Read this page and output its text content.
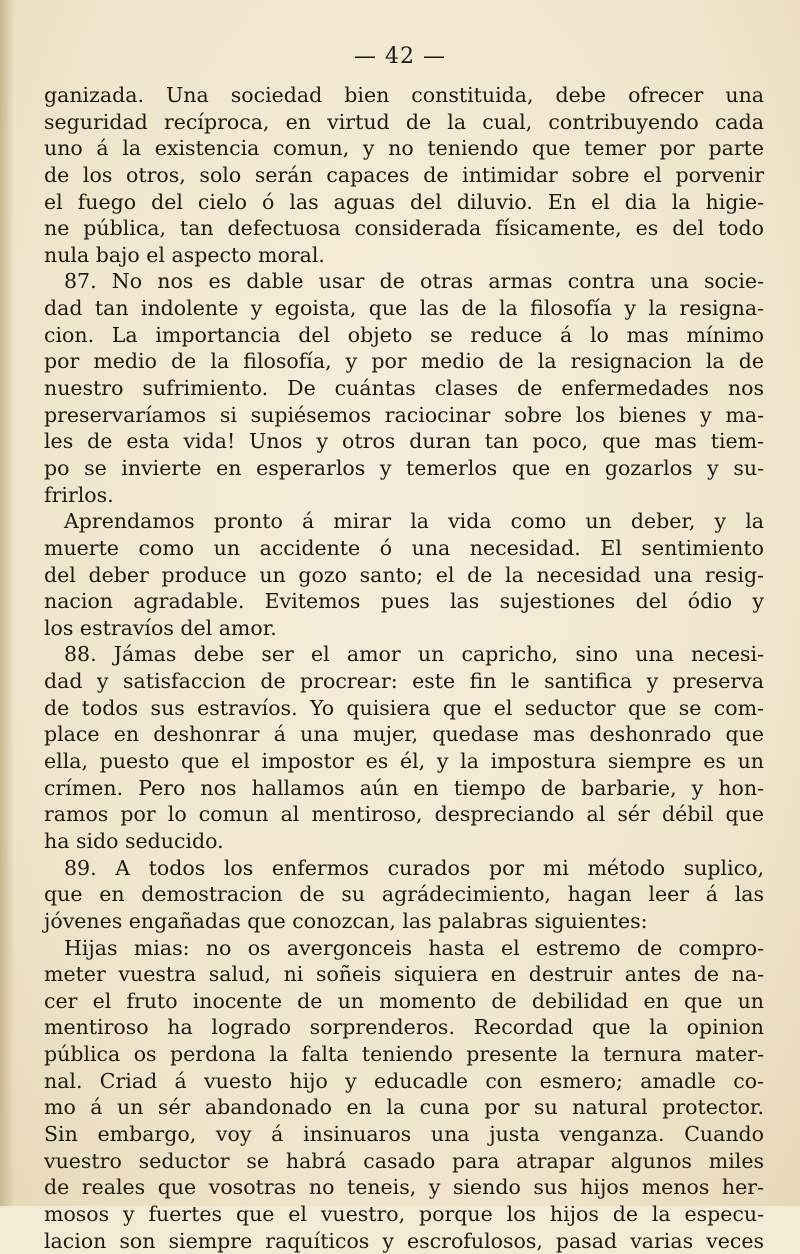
— 42 —
ganizada. Una sociedad bien constituida, debe ofrecer una
seguridad recíproca, en virtud de la cual, contribuyendo cada
uno á la existencia comun, y no teniendo que temer por parte
de los otros, solo serán capaces de intimidar sobre el porvenir
el fuego del cielo ó las aguas del diluvio. En el dia la higie-
ne pública, tan defectuosa considerada físicamente, es del todo
nula bajo el aspecto moral.
87. No nos es dable usar de otras armas contra una socie-
dad tan indolente y egoista, que las de la filosofía y la resigna-
cion. La importancia del objeto se reduce á lo mas mínimo
por medio de la filosofía, y por medio de la resignacion la de
nuestro sufrimiento. De cuántas clases de enfermedades nos
preservaríamos si supiésemos raciocinar sobre los bienes y ma-
les de esta vida! Unos y otros duran tan poco, que mas tiem-
po se invierte en esperarlos y temerlos que en gozarlos y su-
frirlos.
Aprendamos pronto á mirar la vida como un deber, y la
muerte como un accidente ó una necesidad. El sentimiento
del deber produce un gozo santo; el de la necesidad una resig-
nacion agradable. Evitemos pues las sujestiones del ódio y
los estravíos del amor.
88. Jámas debe ser el amor un capricho, sino una necesi-
dad y satisfaccion de procrear: este fin le santifica y preserva
de todos sus estravíos. Yo quisiera que el seductor que se com-
place en deshonrar á una mujer, quedase mas deshonrado que
ella, puesto que el impostor es él, y la impostura siempre es un
crímen. Pero nos hallamos aún en tiempo de barbarie, y hon-
ramos por lo comun al mentiroso, despreciando al sér débil que
ha sido seducido.
89. A todos los enfermos curados por mi método suplico,
que en demostracion de su agrádecimiento, hagan leer á las
jóvenes engañadas que conozcan, las palabras siguientes:
Hijas mias: no os avergonceis hasta el estremo de compro-
meter vuestra salud, ni soñeis siquiera en destruir antes de na-
cer el fruto inocente de un momento de debilidad en que un
mentiroso ha logrado sorprenderos. Recordad que la opinion
pública os perdona la falta teniendo presente la ternura mater-
nal. Criad á vuesto hijo y educadle con esmero; amadle co-
mo á un sér abandonado en la cuna por su natural protector.
Sin embargo, voy á insinuaros una justa venganza. Cuando
vuestro seductor se habrá casado para atrapar algunos miles
de reales que vosotras no teneis, y siendo sus hijos menos her-
mosos y fuertes que el vuestro, porque los hijos de la especu-
lacion son siempre raquíticos y escrofulosos, pasad varias veces
